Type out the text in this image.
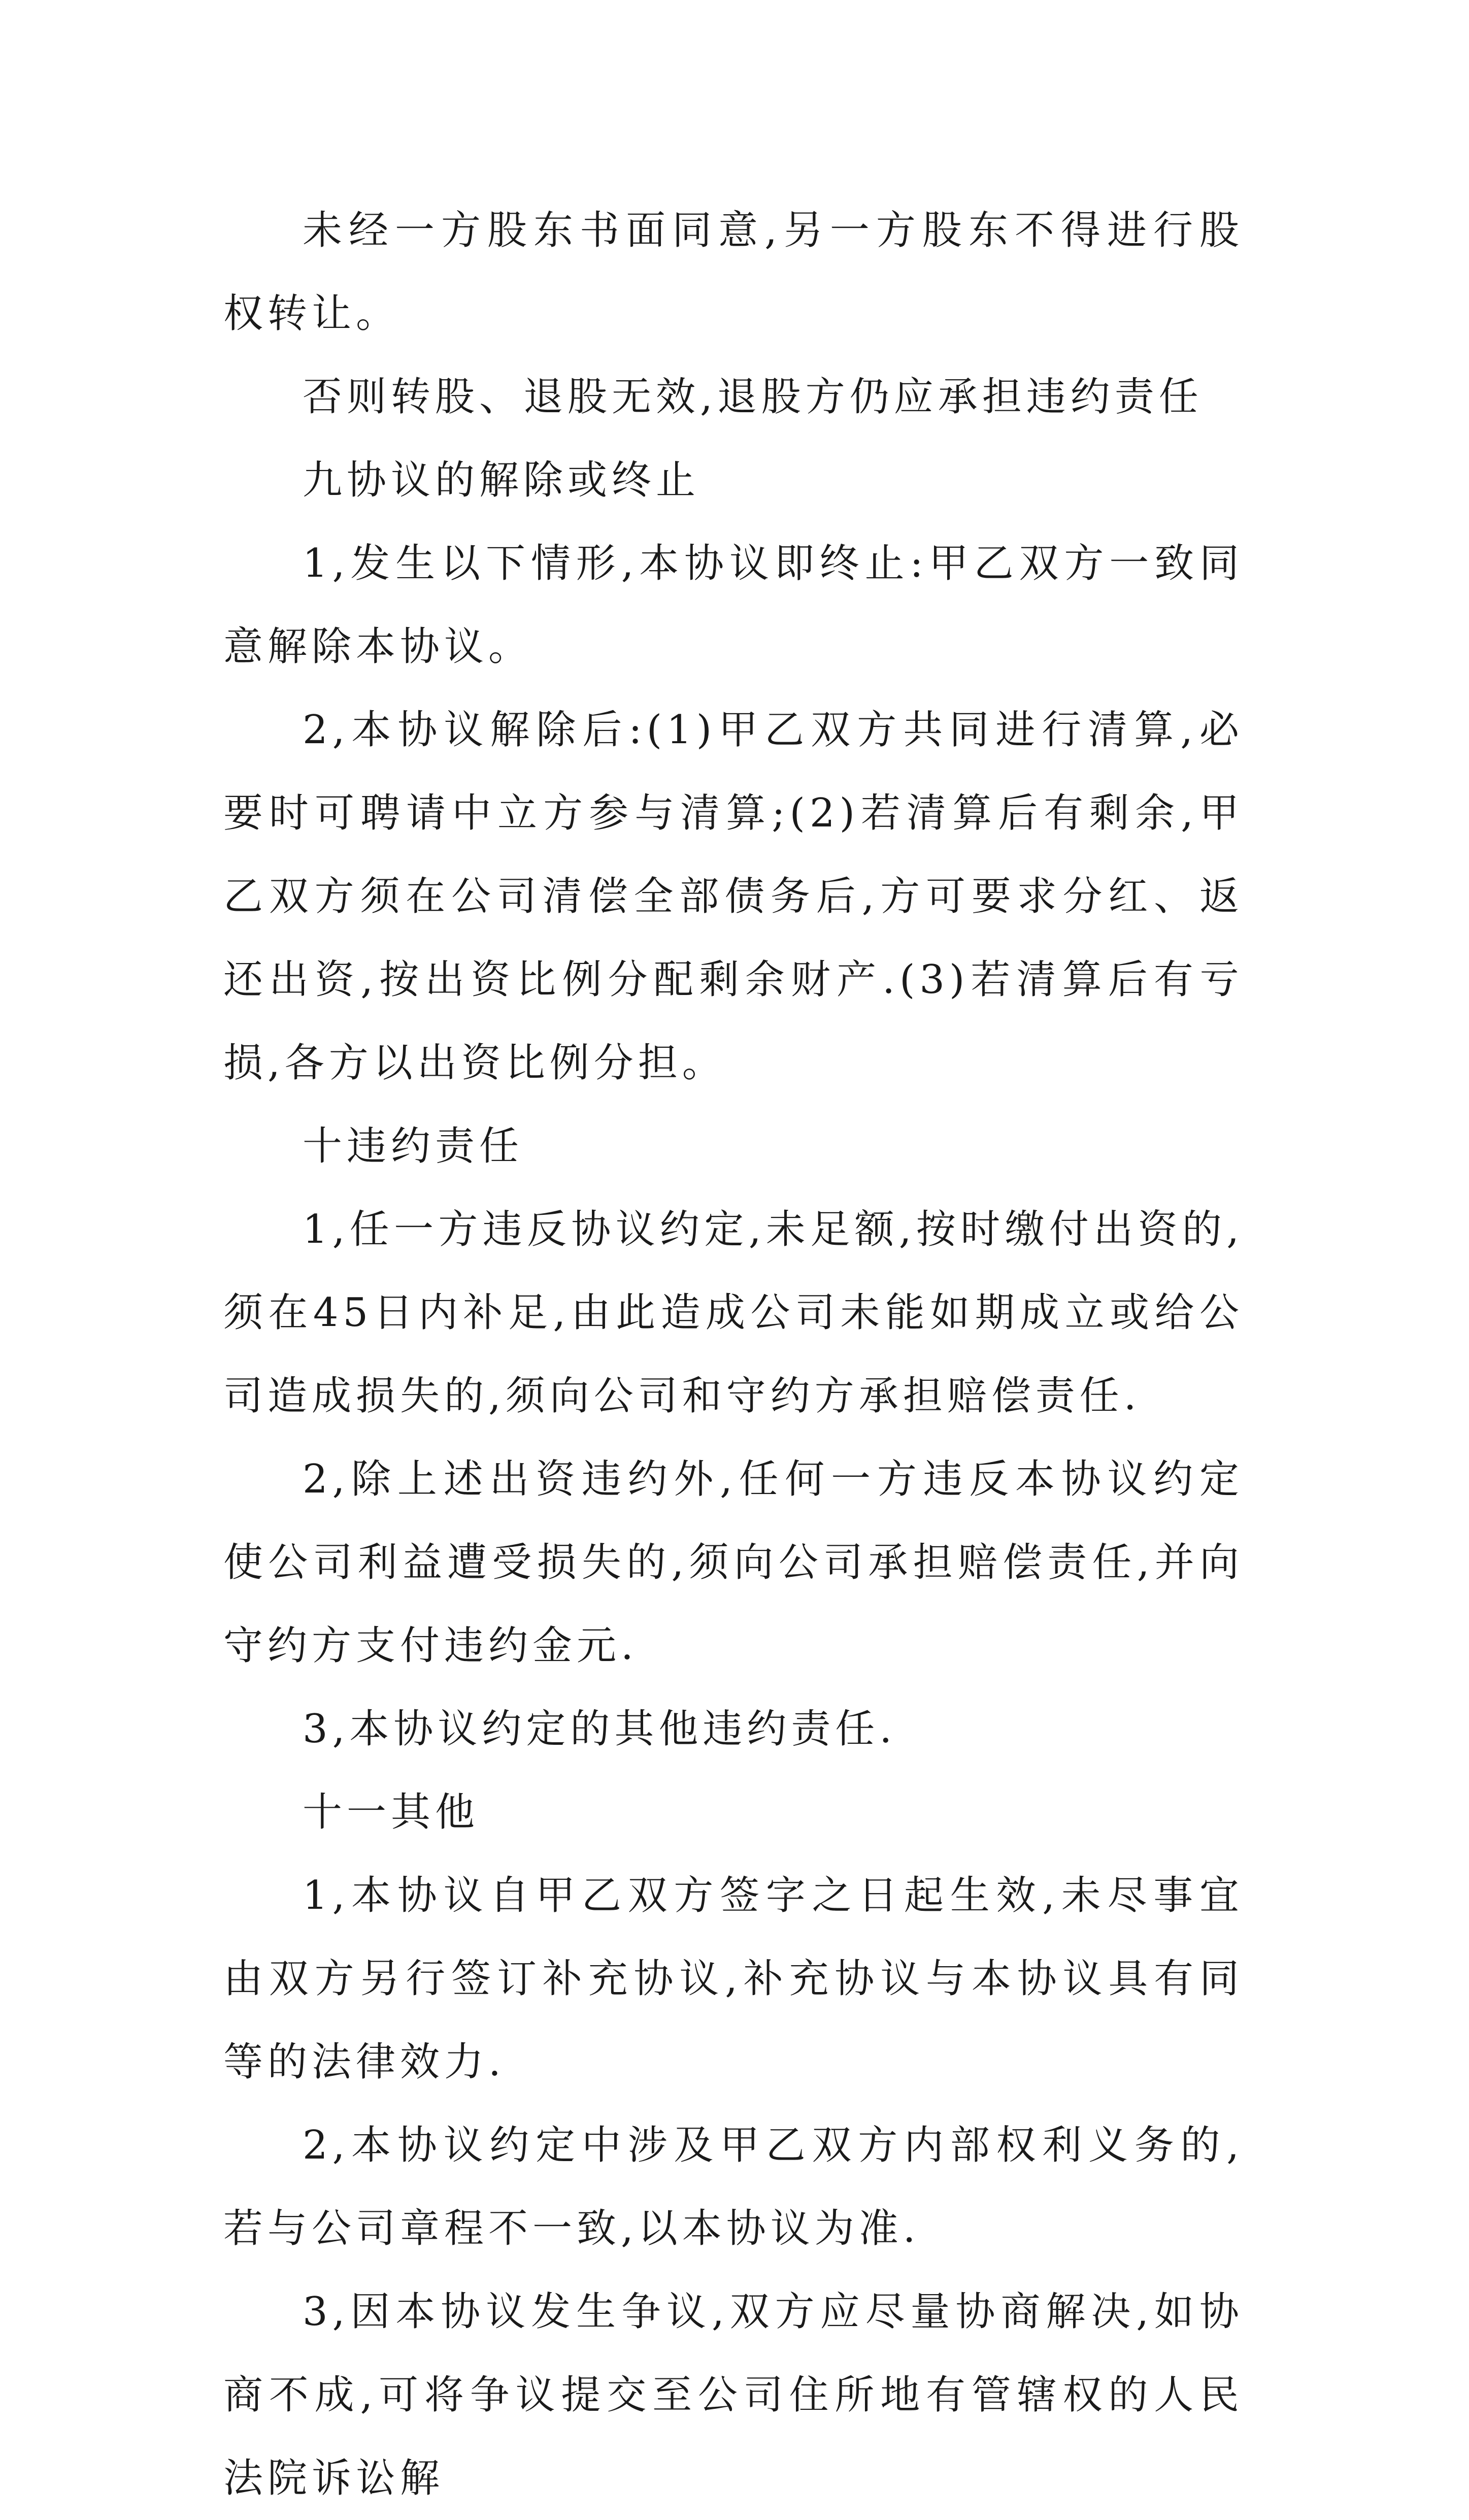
未经一方股东书面同意,另一方股东不得进行股权转让。

否则转股、退股无效,退股方仍应承担违约责任

九协议的解除或终止

1,发生以下情形,本协议即终止:甲乙双方一致同意解除本协议。

2,本协议解除后:(1)甲乙双方共同进行清算,必要时可聘请中立方参与清算;(2)若清算后有剩余,甲乙双方须在公司清偿全部债务后,方可要求分红、返还出资,按出资比例分配剩余财产.(3)若清算后有亏损,各方以出资比例分担。

十违约责任

1,任一方违反协议约定,未足额,按时缴付出资的,须在45日内补足,由此造成公司未能如期成立或给公司造成损失的,须向公司和守约方承担赔偿责任.

2,除上述出资违约外,任何一方违反本协议约定使公司利益遭受损失的,须向公司承担赔偿责任,并向守约方支付违约金元.

3,本协议约定的其他违约责任.

十一其他

1,本协议自甲乙双方签字之日起生效,未尽事宜由双方另行签订补充协议,补充协议与本协议具有同等的法律效力.

2,本协议约定中涉及甲乙双方内部权利义务的,若与公司章程不一致,以本协议为准.

3,因本协议发生争议,双方应尽量协商解决,如协商不成,可将争议提交至公司住所地有管辖权的人民法院诉讼解
